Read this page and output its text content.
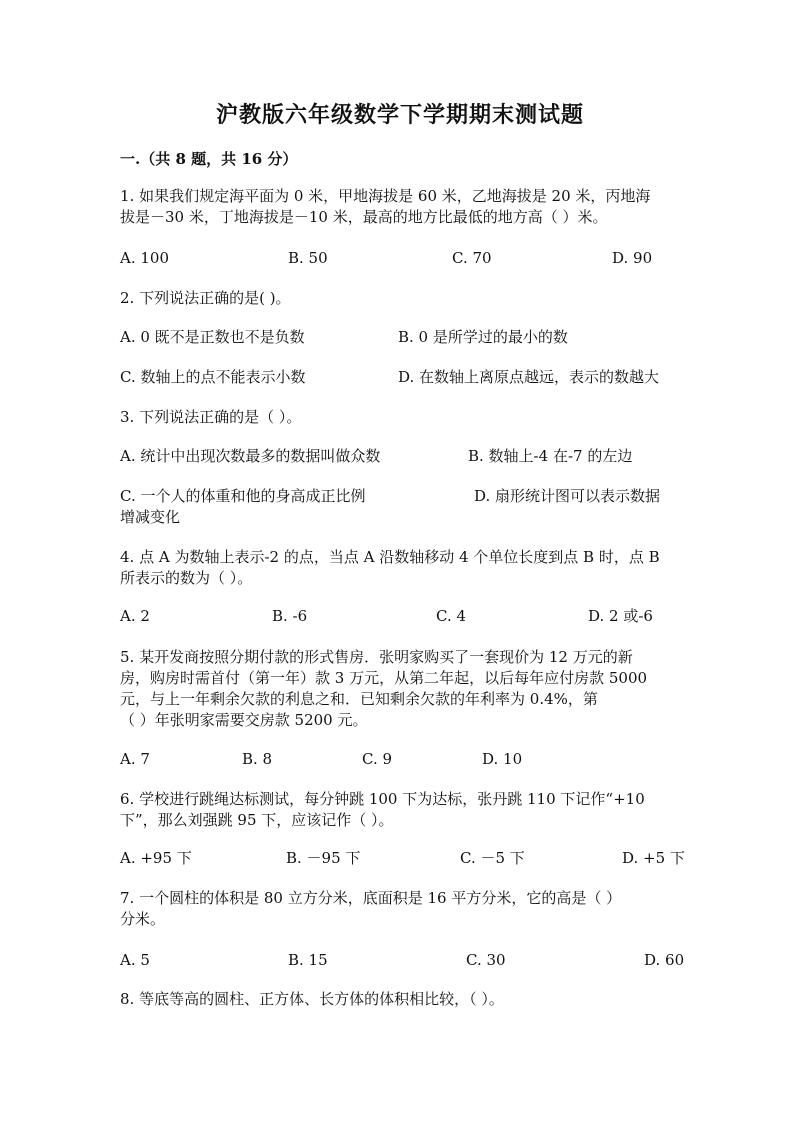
沪教版六年级数学下学期期末测试题
一.（共 8 题，共 16 分）
1. 如果我们规定海平面为 0 米，甲地海拔是 60 米，乙地海拔是 20 米，丙地海
拔是－30 米，丁地海拔是－10 米，最高的地方比最低的地方高（ ）米。
A. 100	B. 50	C. 70	D. 90
2. 下列说法正确的是( )。
A. 0 既不是正数也不是负数	B. 0 是所学过的最小的数
C. 数轴上的点不能表示小数	D. 在数轴上离原点越远，表示的数越大
3. 下列说法正确的是（ ）。
A. 统计中出现次数最多的数据叫做众数	B. 数轴上-4 在-7 的左边
C. 一个人的体重和他的身高成正比例	D. 扇形统计图可以表示数据
增减变化
4. 点 A 为数轴上表示-2 的点，当点 A 沿数轴移动 4 个单位长度到点 B 时，点 B
所表示的数为（ ）。
A. 2	B. -6	C. 4	D. 2 或-6
5. 某开发商按照分期付款的形式售房．张明家购买了一套现价为 12 万元的新
房，购房时需首付（第一年）款 3 万元，从第二年起，以后每年应付房款 5000
元，与上一年剩余欠款的利息之和．已知剩余欠款的年利率为 0.4%，第
（ ）年张明家需要交房款 5200 元。
A. 7	B. 8	C. 9	D. 10
6. 学校进行跳绳达标测试，每分钟跳 100 下为达标，张丹跳 110 下记作“+10
下”，那么刘强跳 95 下，应该记作（ ）。
A. +95 下	B. －95 下	C. －5 下	D. +5 下
7. 一个圆柱的体积是 80 立方分米，底面积是 16 平方分米，它的高是（ ）
分米。
A. 5	B. 15	C. 30	D. 60
8. 等底等高的圆柱、正方体、长方体的体积相比较，（ ）。
